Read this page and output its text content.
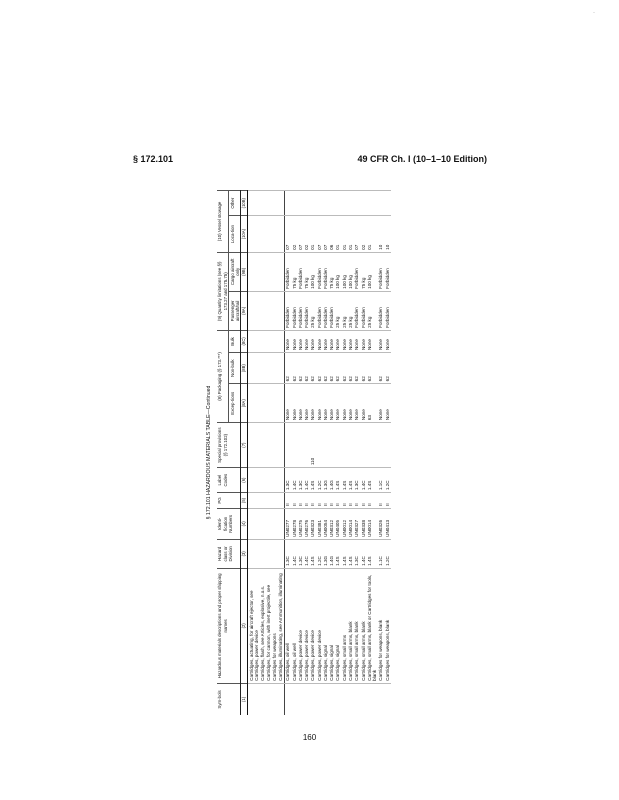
·
§ 172.101	49 CFR Ch. I (10–1–10 Edition)
§ 172.101 HAZARDOUS MATERIALS TABLE—Continued
Sym-bols	Hazardous materials descriptions and proper shipping names	Hazard class or Division	Identi-fication Numbers	PG	Label Codes	Special provisions (§ 172.102)	(8) Packaging (§ 173.***)			(9) Quantity limitations (see §§ 173.27 and 175.75)		(10) Vessel stowage	
							Excep-tions	Non-bulk	Bulk	Passenger aircraft/rail	Cargo aircraft only	Loca-tion	Other
(1)	(2)	(3)	(4)	(5)	(6)	(7)	(8A)	(8B)	(8C)	(9A)	(9B)	(10A)	(10B)
	Cartridges, actuating, for aircraft ejector, see Cartridges, power device												
	Cartridges, flash, see Articles, explosive, n.o.s.												
	Cartridges, for cannon, with inert projectile, see Cartridges for weapons												
	Cartridges, illuminating, see Ammunition, illuminating												
	Cartridges, oil well	1.3C	UN0277	II	1.3C		None	62	None	Forbidden	Forbidden	07	
	Cartridges, oil well	1.4C	UN0278	II	1.4C		None	62	None	Forbidden	75 kg	02	
	Cartridges, power device	1.3C	UN0275	II	1.3C		None	62	None	Forbidden	Forbidden	07	
	Cartridges, power device	1.4C	UN0276	II	1.4C		None	62	None	Forbidden	75 kg	02	
	Cartridges, power device	1.4S	UN0323	II	1.4S	110	None	62	None	25 kg	100 kg	01	
	Cartridges, power device	1.2C	UN0381	II	1.2C		None	62	None	Forbidden	Forbidden	07	
	Cartridges, signal	1.3G	UN0054	II	1.3G		None	62	None	Forbidden	Forbidden	07	
	Cartridges, signal	1.4G	UN0312	II	1.4G		None	62	None	Forbidden	75 kg	06	
	Cartridges, signal	1.4S	UN0405	II	1.4S		None	62	None	25 kg	100 kg	01	
	Cartridges, small arms	1.4S	UN0012	II	1.4S		None	62	None	25 kg	100 kg	01	
	Cartridges, small arms, blank	1.4S	UN0014	II	1.4S		None	62	None	25 kg	100 kg	01	
	Cartridges, small arms, blank	1.3C	UN0327	II	1.3C		None	62	None	Forbidden	Forbidden	07	
	Cartridges, small arms, blank	1.4C	UN0338	II	1.4C		None	62	None	Forbidden	75 kg	02	
	Cartridges, small arms, blank or Cartridges for tools, blank	1.4S	UN0014	II	1.4S		63	62	None	25 kg	100 kg	01	
	Cartridges for weapons, blank	1.1C	UN0326	II	1.1C		None	62	None	Forbidden	Forbidden	10	
	Cartridges for weapons, blank	1.2C	UN0413	II	1.2C		None	62	None	Forbidden	Forbidden	10	
160
